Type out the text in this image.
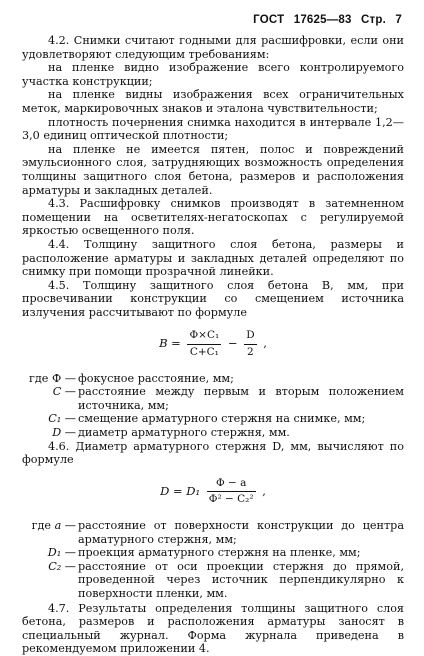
ГОСТ 17625—83 Стр. 7

4.2. Снимки считают годными для расшифровки, если они удовлетворяют следующим требованиям:

на пленке видно изображение всего контролируемого участка конструкции;

на пленке видны изображения всех ограничительных меток, маркировочных знаков и эталона чувствительности;

плотность почернения снимка находится в интервале 1,2—3,0 единиц оптической плотности;

на пленке не имеется пятен, полос и повреждений эмульсионного слоя, затрудняющих возможность определения толщины защитного слоя бетона, размеров и расположения арматуры и закладных деталей.

4.3. Расшифровку снимков производят в затемненном помещении на осветителях-негатоскопах с регулируемой яркостью освещенного поля.

4.4. Толщину защитного слоя бетона, размеры и расположение арматуры и закладных деталей определяют по снимку при помощи прозрачной линейки.

4.5. Толщину защитного слоя бетона B, мм, при просвечивании конструкции со смещением источника излучения рассчитывают по формуле

$B = \frac{\text{Ф×C₁}}{\text{C+C₁}} - \frac{D}{2}$ ,
где Ф — фокусное расстояние, мм;
C — расстояние между первым и вторым положением источника, мм;
C₁ — смещение арматурного стержня на снимке, мм;
D — диаметр арматурного стержня, мм.

4.6. Диаметр арматурного стержня D, мм, вычисляют по формуле

$D = D_1 \frac{Ф - a}{\text{Ф² − C₂²}}$ ,
где a — расстояние от поверхности конструкции до центра арматурного стержня, мм;
D₁ — проекция арматурного стержня на пленке, мм;
C₂ — расстояние от оси проекции стержня до прямой, проведенной через источник перпендикулярно к поверхности пленки, мм.

4.7. Результаты определения толщины защитного слоя бетона, размеров и расположения арматуры заносят в специальный журнал. Форма журнала приведена в рекомендуемом приложении 4.
